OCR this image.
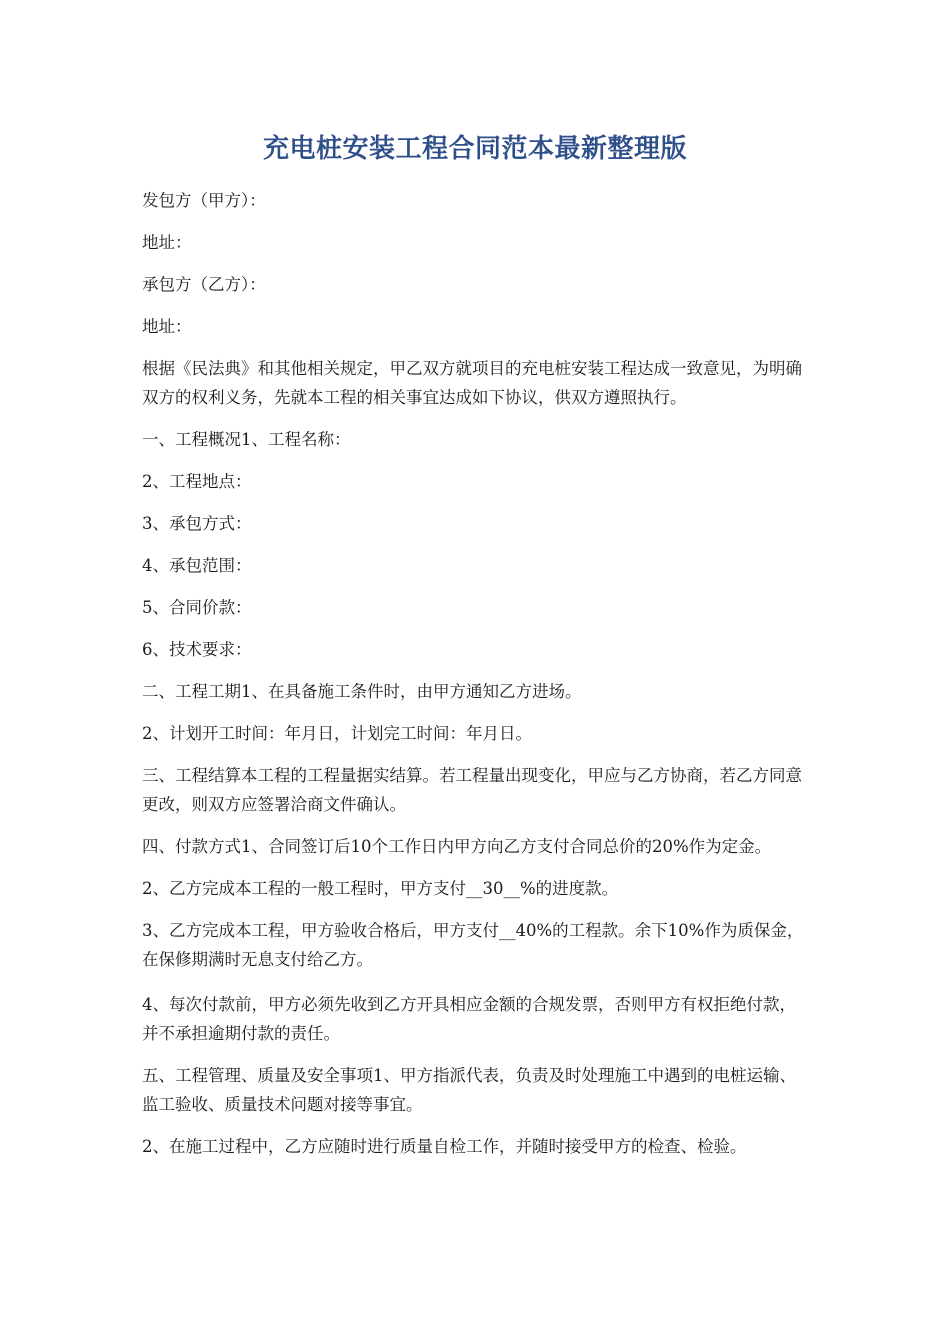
充电桩安装工程合同范本最新整理版

发包方（甲方）：

地址：

承包方（乙方）：

地址：

根据《民法典》和其他相关规定，甲乙双方就项目的充电桩安装工程达成一致意见，为明确双方的权利义务，先就本工程的相关事宜达成如下协议，供双方遵照执行。

一、工程概况1、工程名称：

2、工程地点：

3、承包方式：

4、承包范围：

5、合同价款：

6、技术要求：

二、工程工期1、在具备施工条件时，由甲方通知乙方进场。

2、计划开工时间：年月日，计划完工时间：年月日。

三、工程结算本工程的工程量据实结算。若工程量出现变化，甲应与乙方协商，若乙方同意更改，则双方应签署洽商文件确认。

四、付款方式1、合同签订后10个工作日内甲方向乙方支付合同总价的20%作为定金。

2、乙方完成本工程的一般工程时，甲方支付__30__%的进度款。

3、乙方完成本工程，甲方验收合格后，甲方支付__40%的工程款。余下10%作为质保金，在保修期满时无息支付给乙方。

4、每次付款前，甲方必须先收到乙方开具相应金额的合规发票，否则甲方有权拒绝付款，并不承担逾期付款的责任。

五、工程管理、质量及安全事项1、甲方指派代表，负责及时处理施工中遇到的电桩运输、监工验收、质量技术问题对接等事宜。

2、在施工过程中，乙方应随时进行质量自检工作，并随时接受甲方的检查、检验。
